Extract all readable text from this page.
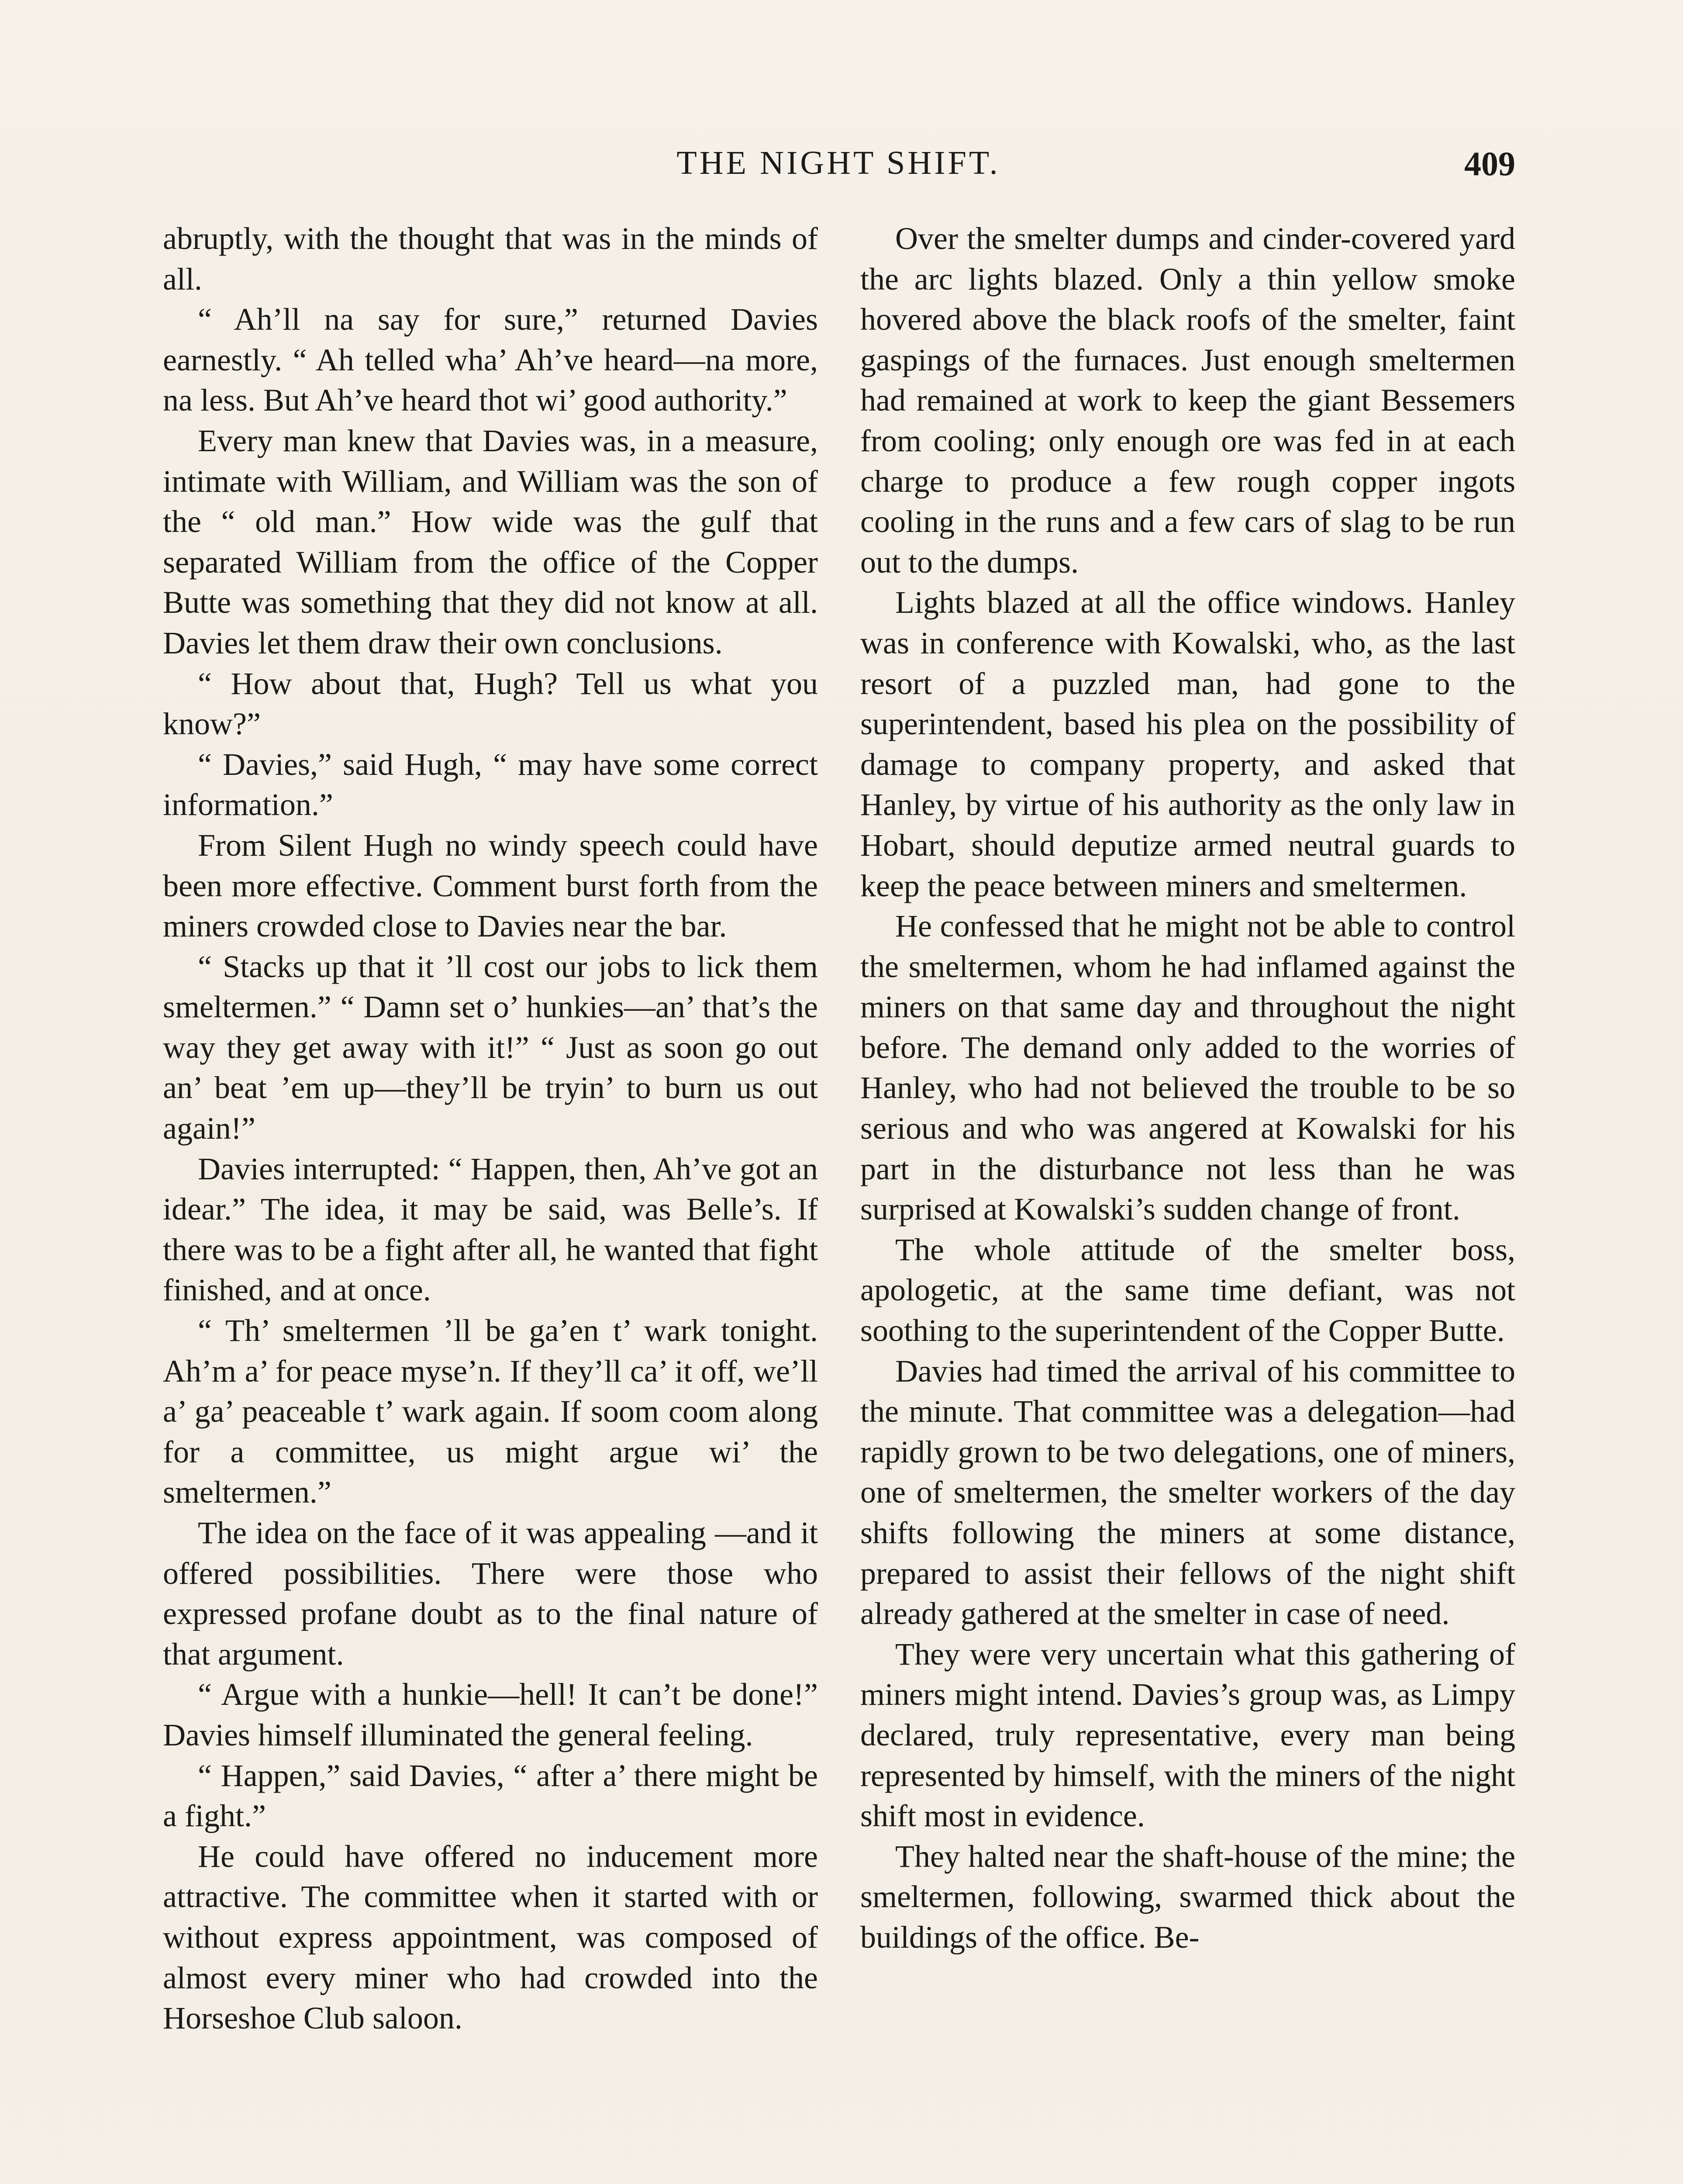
THE NIGHT SHIFT.	409

abruptly, with the thought that was in the minds of all.

“ Ah’ll na say for sure,” returned Davies earnestly. “ Ah telled wha’ Ah’ve heard—na more, na less. But Ah’ve heard thot wi’ good authority.”

Every man knew that Davies was, in a measure, intimate with William, and William was the son of the “ old man.” How wide was the gulf that separated William from the office of the Copper Butte was something that they did not know at all. Davies let them draw their own conclusions.

“ How about that, Hugh? Tell us what you know?”

“ Davies,” said Hugh, “ may have some correct information.”

From Silent Hugh no windy speech could have been more effective. Comment burst forth from the miners crowded close to Davies near the bar.

“ Stacks up that it ’ll cost our jobs to lick them smeltermen.” “ Damn set o’ hunkies—an’ that’s the way they get away with it!” “ Just as soon go out an’ beat ’em up—they’ll be tryin’ to burn us out again!”

Davies interrupted: “ Happen, then, Ah’ve got an idear.” The idea, it may be said, was Belle’s. If there was to be a fight after all, he wanted that fight finished, and at once.

“ Th’ smeltermen ’ll be ga’en t’ wark tonight. Ah’m a’ for peace myse’n. If they’ll ca’ it off, we’ll a’ ga’ peaceable t’ wark again. If soom coom along for a committee, us might argue wi’ the smeltermen.”

The idea on the face of it was appealing —and it offered possibilities. There were those who expressed profane doubt as to the final nature of that argument.

“ Argue with a hunkie—hell! It can’t be done!” Davies himself illuminated the general feeling.

“ Happen,” said Davies, “ after a’ there might be a fight.”

He could have offered no inducement more attractive. The committee when it started with or without express appointment, was composed of almost every miner who had crowded into the Horseshoe Club saloon.

Over the smelter dumps and cinder-covered yard the arc lights blazed. Only a thin yellow smoke hovered above the black roofs of the smelter, faint gaspings of the furnaces. Just enough smeltermen had remained at work to keep the giant Bessemers from cooling; only enough ore was fed in at each charge to produce a few rough copper ingots cooling in the runs and a few cars of slag to be run out to the dumps.

Lights blazed at all the office windows. Hanley was in conference with Kowalski, who, as the last resort of a puzzled man, had gone to the superintendent, based his plea on the possibility of damage to company property, and asked that Hanley, by virtue of his authority as the only law in Hobart, should deputize armed neutral guards to keep the peace between miners and smeltermen.

He confessed that he might not be able to control the smeltermen, whom he had inflamed against the miners on that same day and throughout the night before. The demand only added to the worries of Hanley, who had not believed the trouble to be so serious and who was angered at Kowalski for his part in the disturbance not less than he was surprised at Kowalski’s sudden change of front.

The whole attitude of the smelter boss, apologetic, at the same time defiant, was not soothing to the superintendent of the Copper Butte.

Davies had timed the arrival of his committee to the minute. That committee was a delegation—had rapidly grown to be two delegations, one of miners, one of smeltermen, the smelter workers of the day shifts following the miners at some distance, prepared to assist their fellows of the night shift already gathered at the smelter in case of need.

They were very uncertain what this gathering of miners might intend. Davies’s group was, as Limpy declared, truly representative, every man being represented by himself, with the miners of the night shift most in evidence.

They halted near the shaft-house of the mine; the smeltermen, following, swarmed thick about the buildings of the office. Be-
